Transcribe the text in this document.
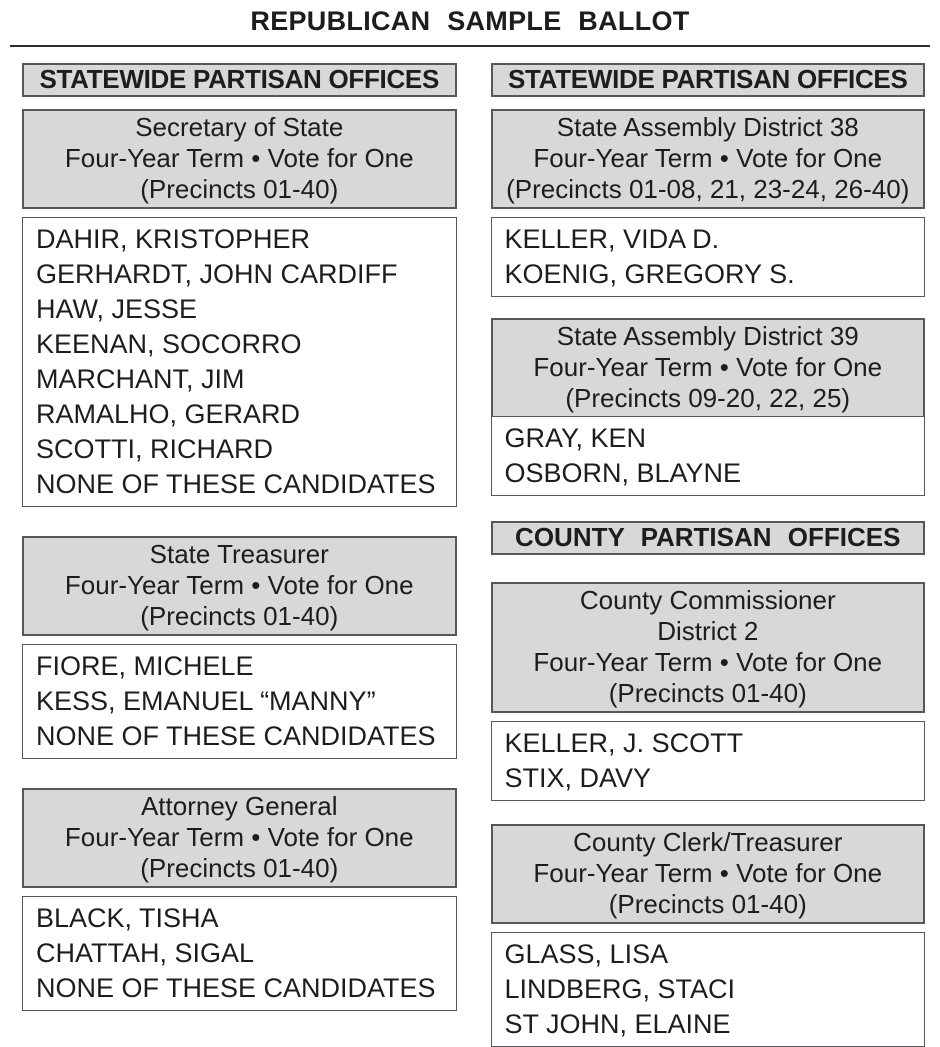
REPUBLICAN SAMPLE BALLOT
STATEWIDE PARTISAN OFFICES
Secretary of State
Four-Year Term • Vote for One
(Precincts 01-40)
DAHIR, KRISTOPHER
GERHARDT, JOHN CARDIFF
HAW, JESSE
KEENAN, SOCORRO
MARCHANT, JIM
RAMALHO, GERARD
SCOTTI, RICHARD
NONE OF THESE CANDIDATES
State Treasurer
Four-Year Term • Vote for One
(Precincts 01-40)
FIORE, MICHELE
KESS, EMANUEL “MANNY”
NONE OF THESE CANDIDATES
Attorney General
Four-Year Term • Vote for One
(Precincts 01-40)
BLACK, TISHA
CHATTAH, SIGAL
NONE OF THESE CANDIDATES
STATEWIDE PARTISAN OFFICES
State Assembly District 38
Four-Year Term • Vote for One
(Precincts 01-08, 21, 23-24, 26-40)
KELLER, VIDA D.
KOENIG, GREGORY S.
State Assembly District 39
Four-Year Term • Vote for One
(Precincts 09-20, 22, 25)
GRAY, KEN
OSBORN, BLAYNE
COUNTY PARTISAN OFFICES
County Commissioner
District 2
Four-Year Term • Vote for One
(Precincts 01-40)
KELLER, J. SCOTT
STIX, DAVY
County Clerk/Treasurer
Four-Year Term • Vote for One
(Precincts 01-40)
GLASS, LISA
LINDBERG, STACI
ST JOHN, ELAINE
